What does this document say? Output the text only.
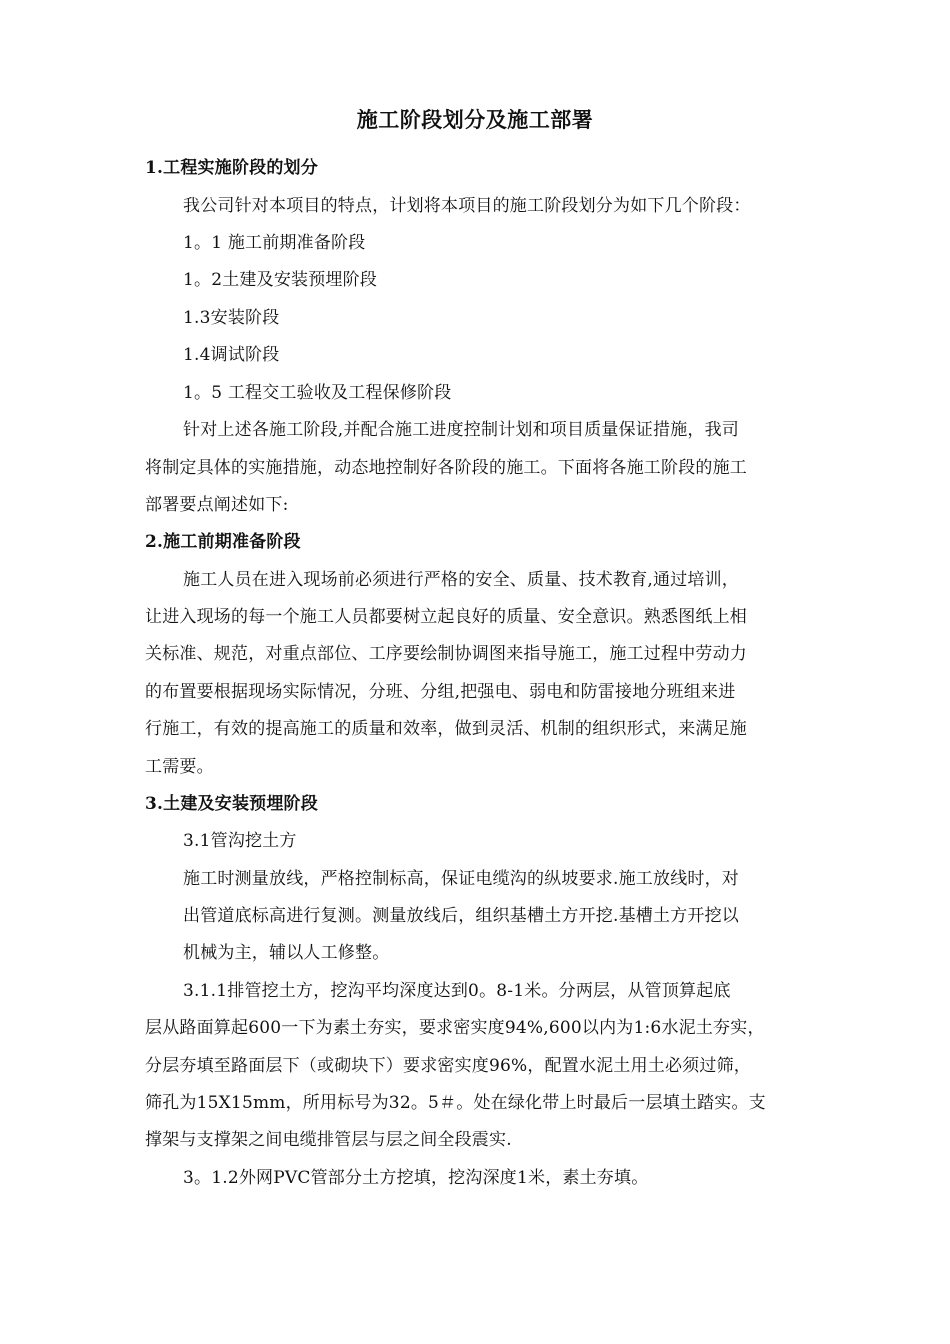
施工阶段划分及施工部署
1.工程实施阶段的划分
我公司针对本项目的特点，计划将本项目的施工阶段划分为如下几个阶段：
1。1 施工前期准备阶段
1。2土建及安装预埋阶段
1.3安装阶段
1.4调试阶段
1。5 工程交工验收及工程保修阶段
针对上述各施工阶段,并配合施工进度控制计划和项目质量保证措施，我司
将制定具体的实施措施，动态地控制好各阶段的施工。下面将各施工阶段的施工
部署要点阐述如下:
2.施工前期准备阶段
施工人员在进入现场前必须进行严格的安全、质量、技术教育,通过培训，
让进入现场的每一个施工人员都要树立起良好的质量、安全意识。熟悉图纸上相
关标准、规范，对重点部位、工序要绘制协调图来指导施工，施工过程中劳动力
的布置要根据现场实际情况，分班、分组,把强电、弱电和防雷接地分班组来进
行施工，有效的提高施工的质量和效率，做到灵活、机制的组织形式，来满足施
工需要。
3.土建及安装预埋阶段
3.1管沟挖土方
施工时测量放线，严格控制标高，保证电缆沟的纵坡要求.施工放线时，对
出管道底标高进行复测。测量放线后，组织基槽土方开挖.基槽土方开挖以
机械为主，辅以人工修整。
3.1.1排管挖土方，挖沟平均深度达到0。8-1米。分两层，从管顶算起底
层从路面算起600一下为素土夯实，要求密实度94%,600以内为1:6水泥土夯实，
分层夯填至路面层下（或砌块下）要求密实度96%，配置水泥土用土必须过筛，
筛孔为15X15mm，所用标号为32。5＃。处在绿化带上时最后一层填土踏实。支
撑架与支撑架之间电缆排管层与层之间全段震实.
3。1.2外网PVC管部分土方挖填，挖沟深度1米，素土夯填。
